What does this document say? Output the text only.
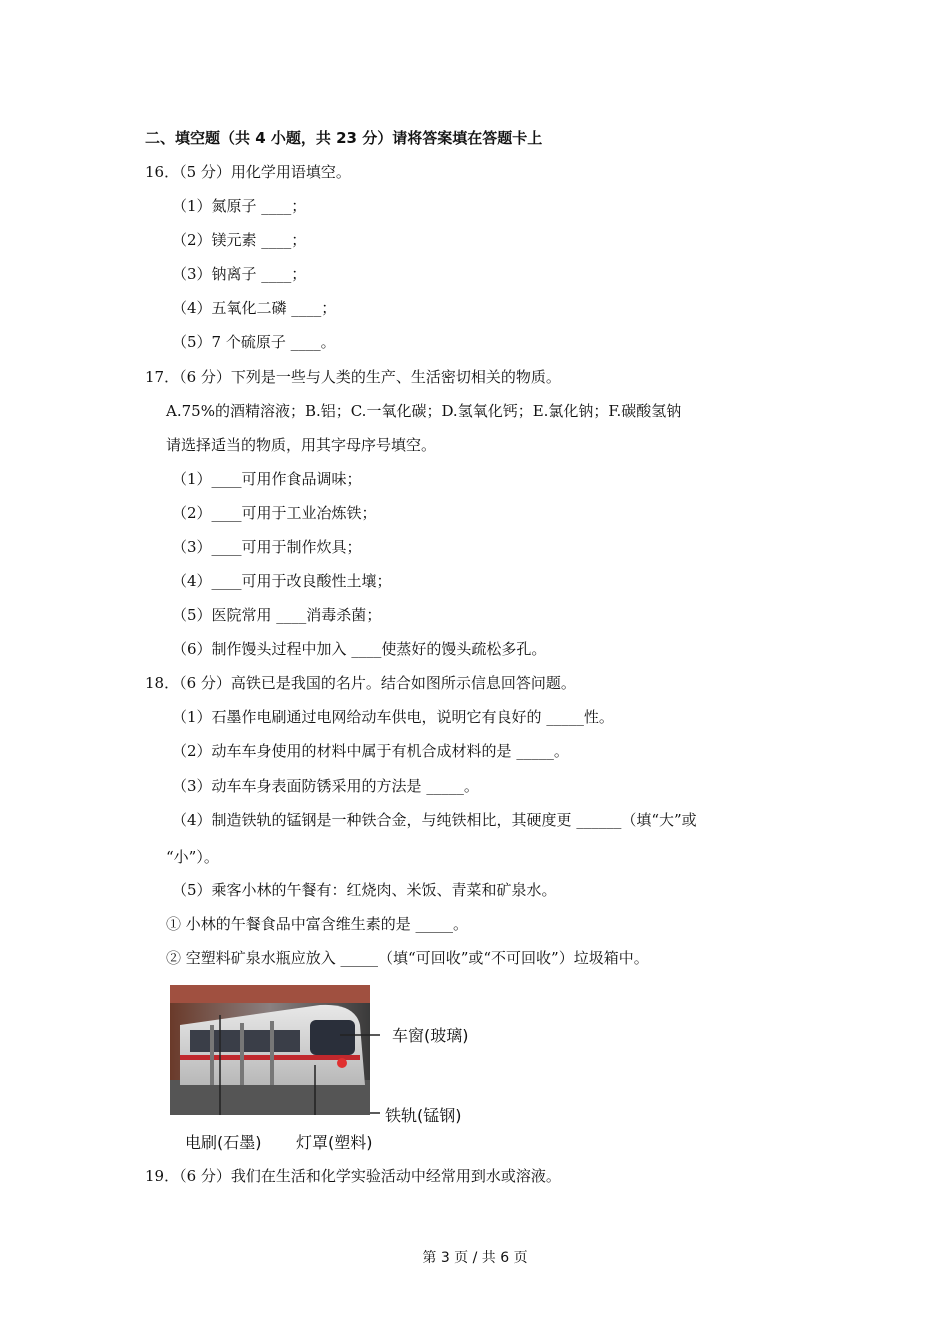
二、填空题（共 4 小题，共 23 分）请将答案填在答题卡上
16．（5 分）用化学用语填空。
（1）氮原子 ____；
（2）镁元素 ____；
（3）钠离子 ____；
（4）五氧化二磷 ____；
（5）7 个硫原子 ____。
17．（6 分）下列是一些与人类的生产、生活密切相关的物质。
A.75%的酒精溶液；B.铝；C.一氧化碳；D.氢氧化钙；E.氯化钠；F.碳酸氢钠
请选择适当的物质，用其字母序号填空。
（1）____可用作食品调味；
（2）____可用于工业冶炼铁；
（3）____可用于制作炊具；
（4）____可用于改良酸性土壤；
（5）医院常用 ____消毒杀菌；
（6）制作馒头过程中加入 ____使蒸好的馒头疏松多孔。
18．（6 分）高铁已是我国的名片。结合如图所示信息回答问题。
（1）石墨作电刷通过电网给动车供电，说明它有良好的 _____性。
（2）动车车身使用的材料中属于有机合成材料的是 _____。
（3）动车车身表面防锈采用的方法是 _____。
（4）制造铁轨的锰钢是一种铁合金，与纯铁相比，其硬度更 ______（填“大”或
“小”）。
（5）乘客小林的午餐有：红烧肉、米饭、青菜和矿泉水。
① 小林的午餐食品中富含维生素的是 _____。
② 空塑料矿泉水瓶应放入 _____（填“可回收”或“不可回收”）垃圾箱中。
车窗(玻璃)
铁轨(锰钢)
电刷(石墨) 灯罩(塑料)
19．（6 分）我们在生活和化学实验活动中经常用到水或溶液。
第 3 页 / 共 6 页
